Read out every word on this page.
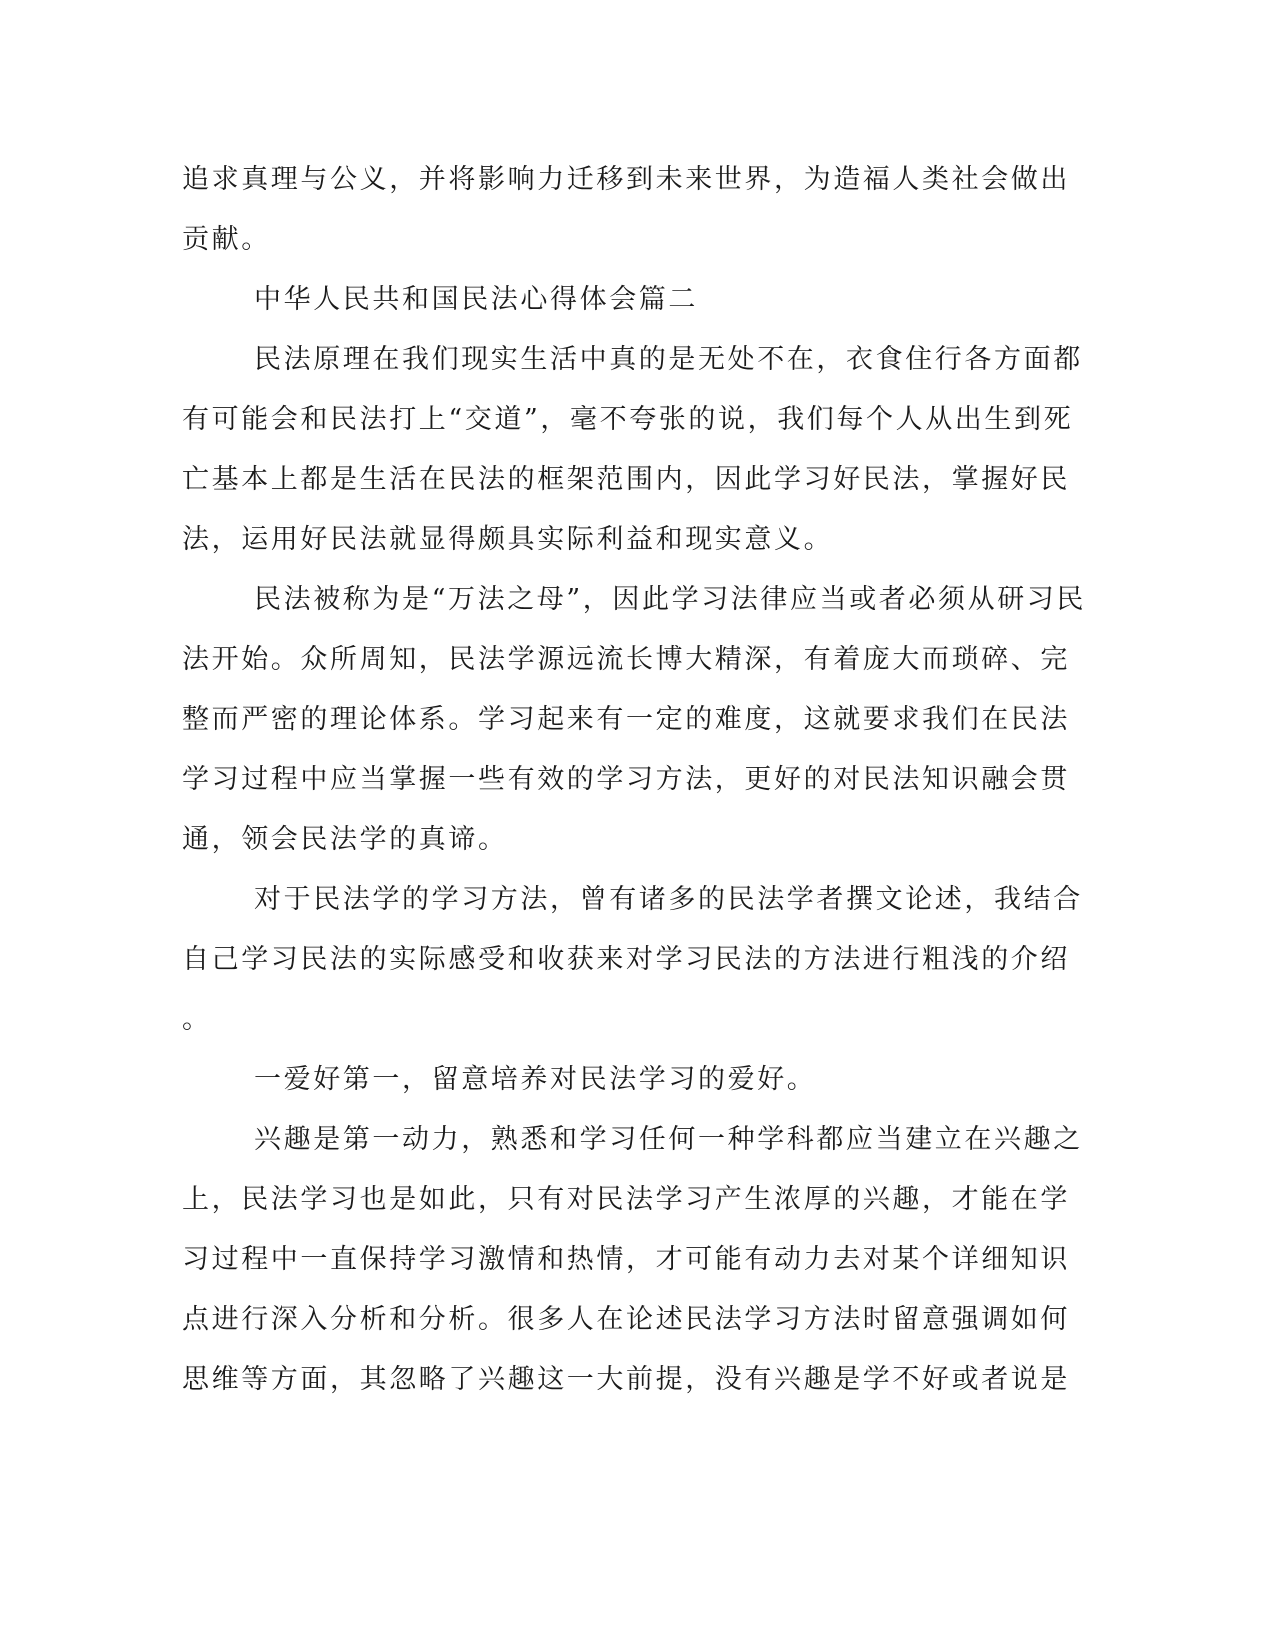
追求真理与公义，并将影响力迁移到未来世界，为造福人类社会做出
贡献。
中华人民共和国民法心得体会篇二
民法原理在我们现实生活中真的是无处不在，衣食住行各方面都
有可能会和民法打上“交道”，毫不夸张的说，我们每个人从出生到死
亡基本上都是生活在民法的框架范围内，因此学习好民法，掌握好民
法，运用好民法就显得颇具实际利益和现实意义。
民法被称为是“万法之母”，因此学习法律应当或者必须从研习民
法开始。众所周知，民法学源远流长博大精深，有着庞大而琐碎、完
整而严密的理论体系。学习起来有一定的难度，这就要求我们在民法
学习过程中应当掌握一些有效的学习方法，更好的对民法知识融会贯
通，领会民法学的真谛。
对于民法学的学习方法，曾有诸多的民法学者撰文论述，我结合
自己学习民法的实际感受和收获来对学习民法的方法进行粗浅的介绍
。
一爱好第一，留意培养对民法学习的爱好。
兴趣是第一动力，熟悉和学习任何一种学科都应当建立在兴趣之
上，民法学习也是如此，只有对民法学习产生浓厚的兴趣，才能在学
习过程中一直保持学习激情和热情，才可能有动力去对某个详细知识
点进行深入分析和分析。很多人在论述民法学习方法时留意强调如何
思维等方面，其忽略了兴趣这一大前提，没有兴趣是学不好或者说是
